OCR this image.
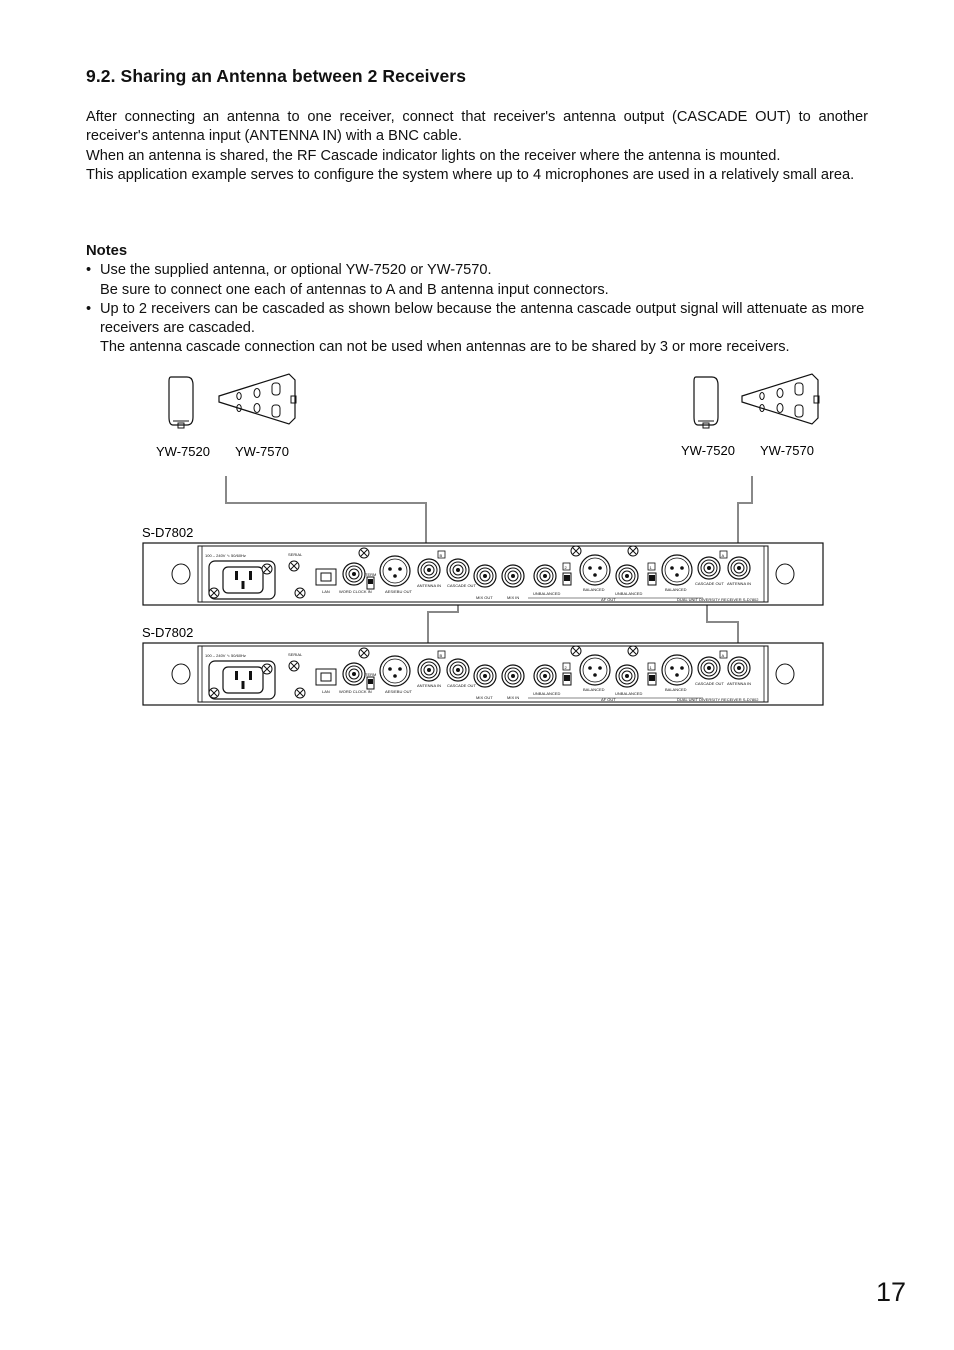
9.2. Sharing an Antenna between 2 Receivers

After connecting an antenna to one receiver, connect that receiver's antenna output (CASCADE OUT) to another receiver's antenna input (ANTENNA IN) with a BNC cable.

When an antenna is shared, the RF Cascade indicator lights on the receiver where the antenna is mounted.

This application example serves to configure the system where up to 4 microphones are used in a relatively small area.

Notes

• Use the supplied antenna, or optional YW-7520 or YW-7570.

Be sure to connect one each of antennas to A and B antenna input connectors.

• Up to 2 receivers can be cascaded as shown below because the antenna cascade output signal will attenuate as more receivers are cascaded.

The antenna cascade connection can not be used when antennas are to be shared by 3 or more receivers.

YW-7520 YW-7570	YW-7520 YW-7570
S-D7802
S-D7802
100 – 240V ∿ 50/60Hz	SERIAL
LAN WORD CLOCK IN
TERM
AES/EBU OUT
ANTENNA IN CASCADE OUT
MIX OUT	MIX IN
UNBALANCED
BALANCED
UNBALANCED
AF OUT
BALANCED
CASCADE OUT ANTENNA IN
DUAL UNIT DIVERSITY RECEIVER S-D7802
B
2	1
A
100 – 240V ∿ 50/60Hz	SERIAL
LAN WORD CLOCK IN
TERM
AES/EBU OUT
ANTENNA IN CASCADE OUT
MIX OUT	MIX IN
UNBALANCED
BALANCED
UNBALANCED
AF OUT
BALANCED
CASCADE OUT ANTENNA IN
DUAL UNIT DIVERSITY RECEIVER S-D7802
B
2	1
A

17
